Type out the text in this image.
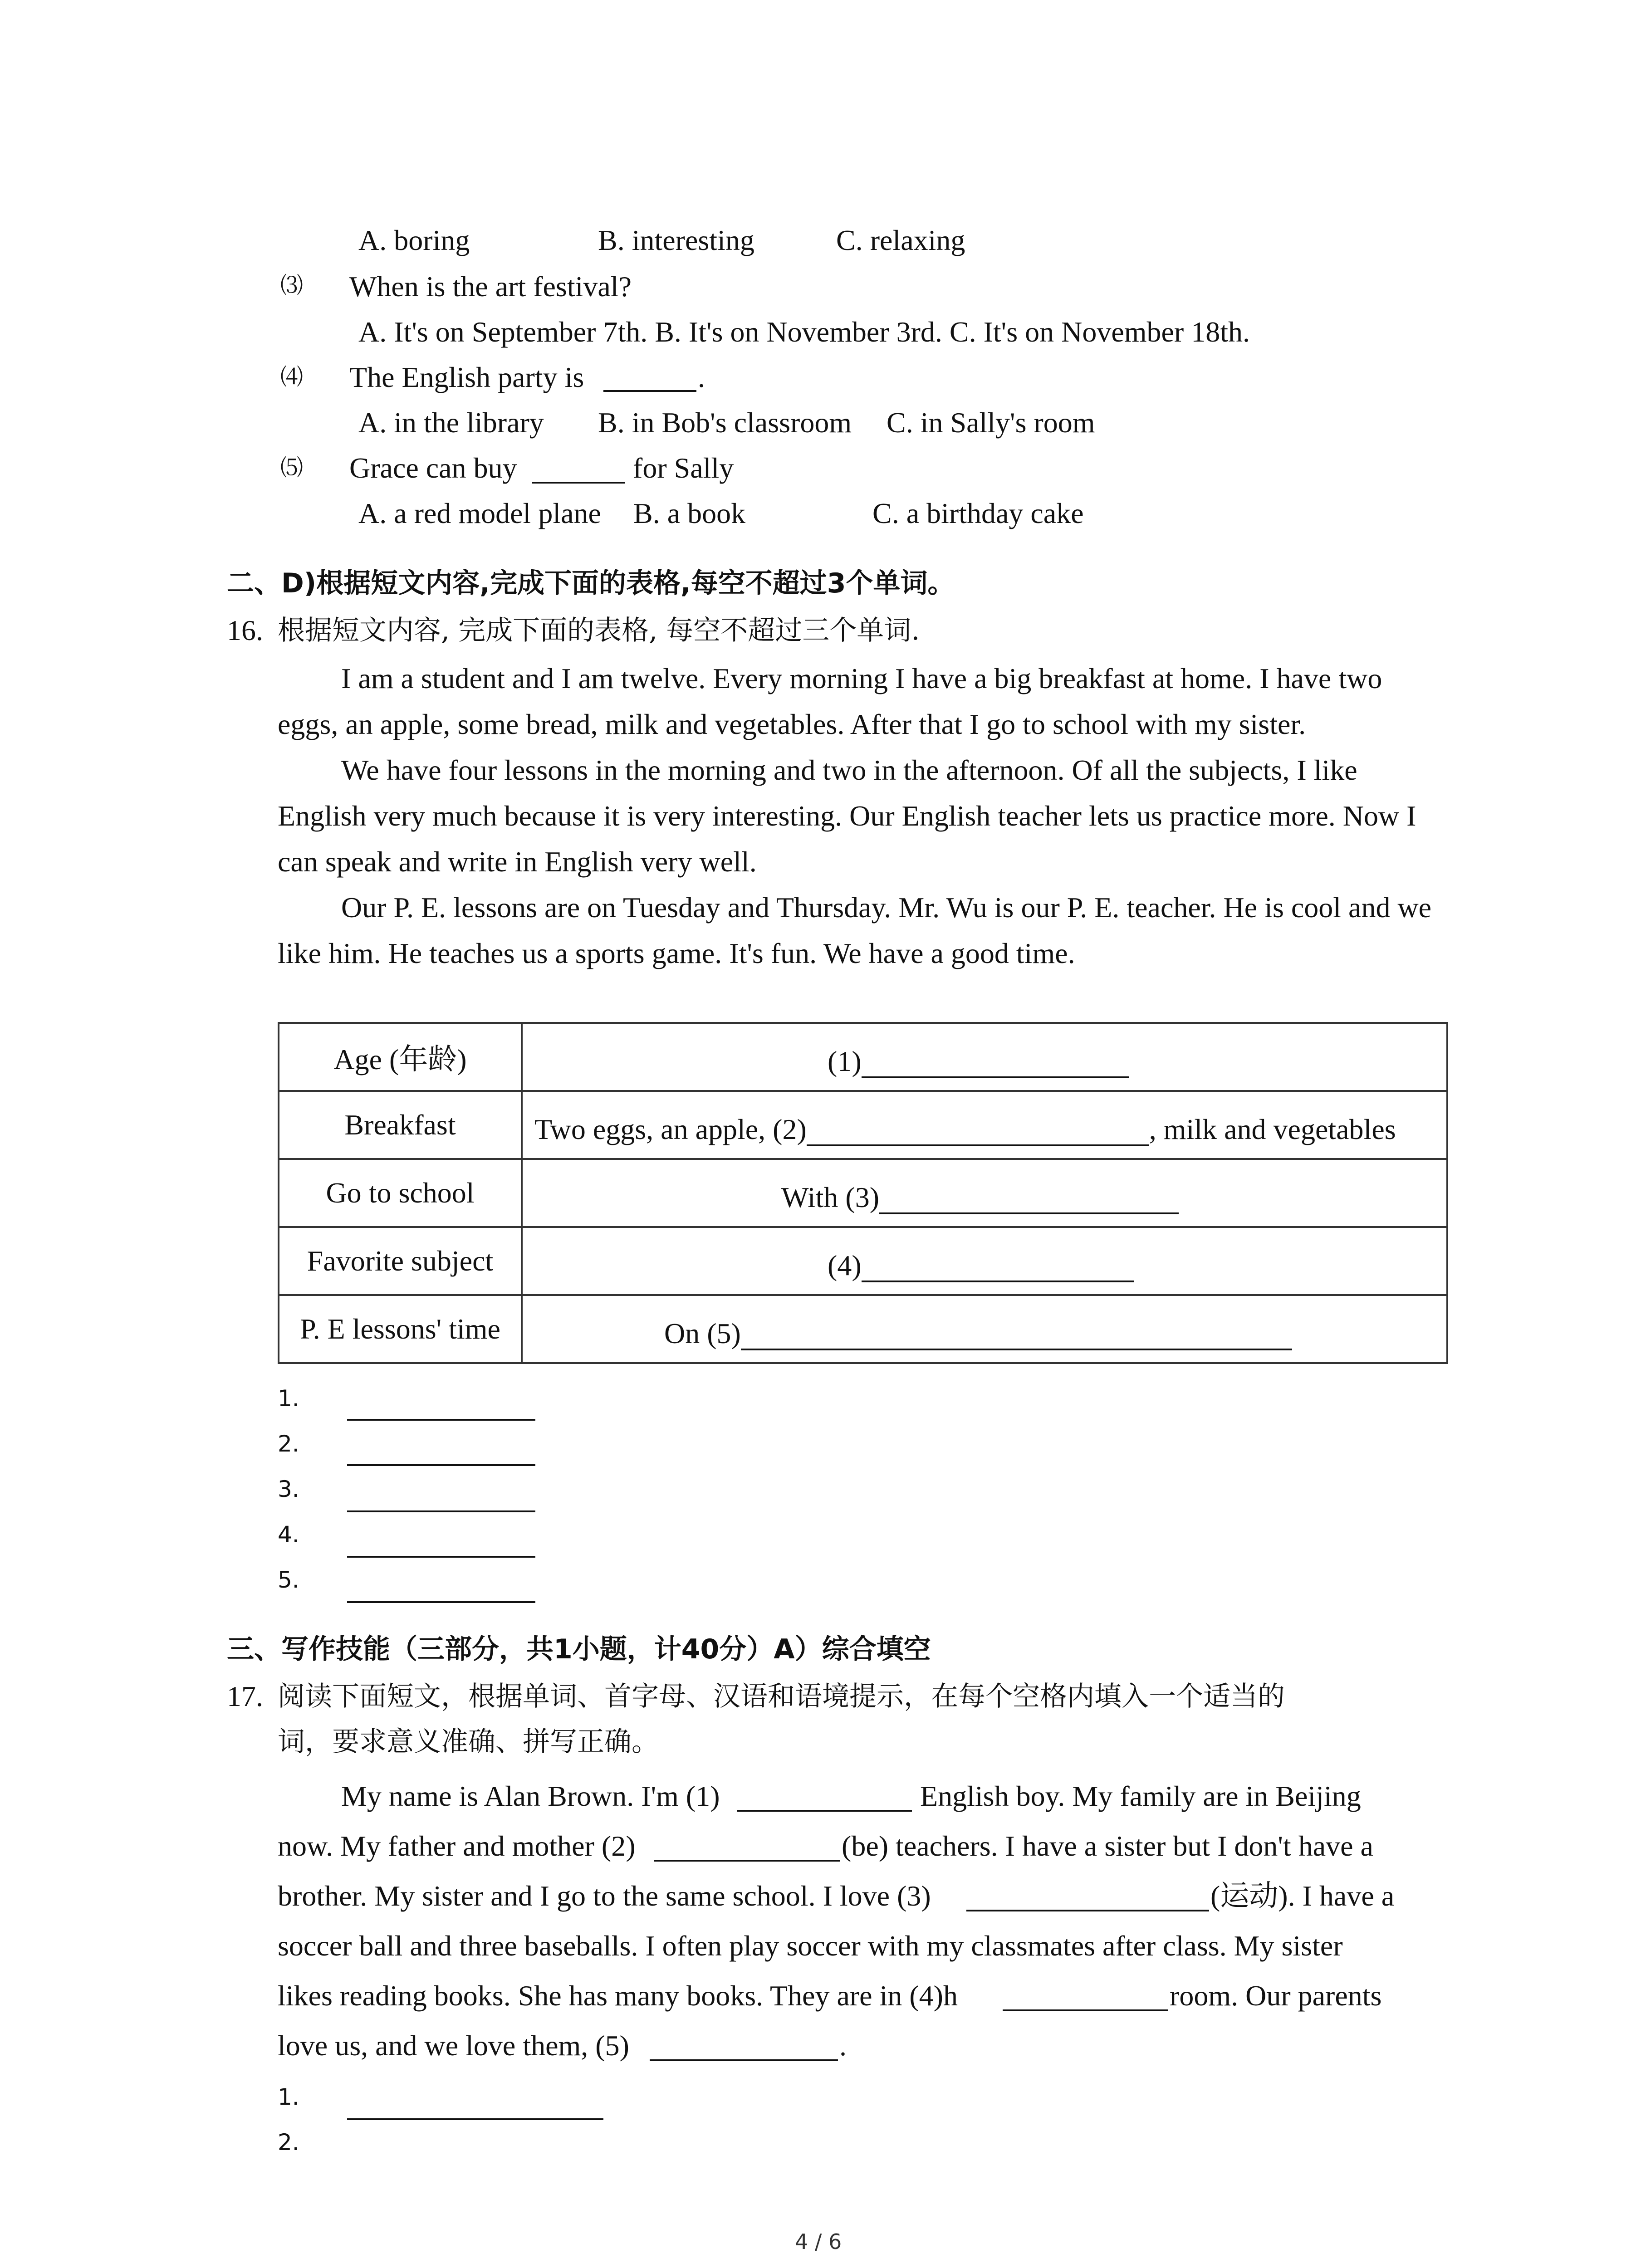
A. boring	B. interesting	C. relaxing
⑶ When is the art festival?
A. It's on September 7th. B. It's on November 3rd. C. It's on November 18th.
⑷ The English party is	.
A. in the library B. in Bob's classroom C. in Sally's room
⑸ Grace can buy	for Sally
A. a red model plane B. a book	C. a birthday cake
二、D)根据短文内容,完成下面的表格,每空不超过3个单词。
16. 根据短文内容, 完成下面的表格, 每空不超过三个单词.
I am a student and I am twelve. Every morning I have a big breakfast at home. I have two eggs, an apple, some bread, milk and vegetables. After that I go to school with my sister.
We have four lessons in the morning and two in the afternoon. Of all the subjects, I like English very much because it is very interesting. Our English teacher lets us practice more. Now I can speak and write in English very well.
Our P. E. lessons are on Tuesday and Thursday. Mr. Wu is our P. E. teacher. He is cool and we like him. He teaches us a sports game. It's fun. We have a good time.
Age (年龄)	(1)

Breakfast	Two eggs, an apple, (2) , milk and vegetables

Go to school	With (3)

Favorite subject	(4)

P. E lessons' time	On (5)
1.
2.
3.
4.
5.
三、写作技能（三部分，共1小题，计40分）A）综合填空
17. 阅读下面短文，根据单词、首字母、汉语和语境提示，在每个空格内填入一个适当的
词，要求意义准确、拼写正确。
My name is Alan Brown. I'm (1)	English boy. My family are in Beijing
now. My father and mother (2)	(be) teachers. I have a sister but I don't have a
brother. My sister and I go to the same school. I love (3)	(运动). I have a
soccer ball and three baseballs. I often play soccer with my classmates after class. My sister
likes reading books. She has many books. They are in (4)h	room. Our parents
love us, and we love them, (5)	.
1.
2.
4 / 6
